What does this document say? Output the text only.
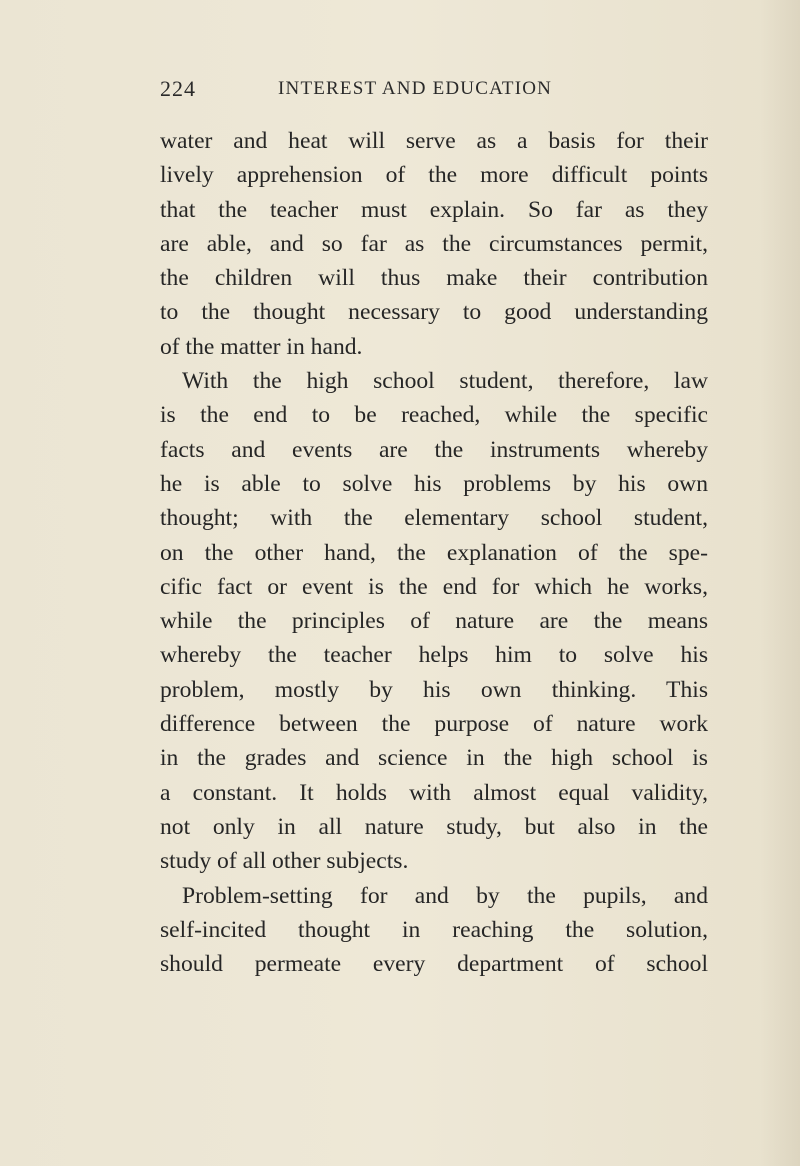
224	INTEREST AND EDUCATION
water and heat will serve as a basis for their
lively apprehension of the more difficult points
that the teacher must explain. So far as they
are able, and so far as the circumstances permit,
the children will thus make their contribution
to the thought necessary to good understanding
of the matter in hand.
With the high school student, therefore, law
is the end to be reached, while the specific
facts and events are the instruments whereby
he is able to solve his problems by his own
thought; with the elementary school student,
on the other hand, the explanation of the spe-
cific fact or event is the end for which he works,
while the principles of nature are the means
whereby the teacher helps him to solve his
problem, mostly by his own thinking. This
difference between the purpose of nature work
in the grades and science in the high school is
a constant. It holds with almost equal validity,
not only in all nature study, but also in the
study of all other subjects.
Problem-setting for and by the pupils, and
self-incited thought in reaching the solution,
should permeate every department of school
